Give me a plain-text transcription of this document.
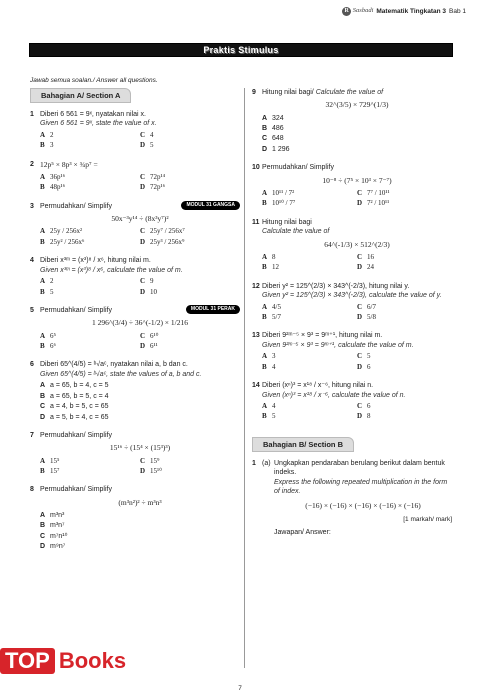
R Sasbadi Matematik Tingkatan 3 Bab 1
Praktis Stimulus
Jawab semua soalan./ Answer all questions.
Bahagian A/ Section A
1 Diberi 6 561 = 9ˣ, nyatakan nilai x.
Given 6 561 = 9ˣ, state the value of x.
A 2	C 4
B 3	D 5
2 12p⁵ × 8p³ × ¾p⁷ =
A 36p¹⁶	C 72p¹⁴
B 48p¹⁶	D 72p¹⁶
3	MODUL 31 GANGSA
Permudahkan/ Simplify
50x⁻³y¹⁴ ÷ (8x³y⁷)²
A 25y / 256x²	C 25y⁷ / 256x⁷
B 25y² / 256x⁶	D 25y³ / 256x⁹
4 Diberi x³ᵐ = (x³)⁸ / x⁶, hitung nilai m.
Given x³ᵐ = (x³)⁸ / x⁶, calculate the value of m.
A 2	C 9
B 5	D 10
5	MODUL 31 PERAK
Permudahkan/ Simplify
1 296^(3/4) ÷ 36^(-1/2) × 1/216
A 6⁵	C 6¹⁰
B 6⁶	D 6¹¹
6 Diberi 65^(4/5) = ᵇ√aᶜ, nyatakan nilai a, b dan c.
Given 65^(4/5) = ᵇ√aᶜ, state the values of a, b and c.
A a = 65, b = 4, c = 5
B a = 65, b = 5, c = 4
C a = 4, b = 5, c = 65
D a = 5, b = 4, c = 65
7 Permudahkan/ Simplify
15¹⁶ ÷ (15⁴ × (15³)³)
A 15⁵	C 15⁹
B 15⁷	D 15¹⁰
8 Permudahkan/ Simplify
(m³n²)² ÷ m³n³
A m³n³
B m³n⁷
C m⁷n¹⁰
D m⁹n⁷
9 Hitung nilai bagi/ Calculate the value of
32^(3/5) × 729^(1/3)
A 324
B 486
C 648
D 1 296
10 Permudahkan/ Simplify
10⁻⁸ ÷ (7⁵ × 10³ × 7⁻⁷)
A 10¹¹ / 7²	C 7⁷ / 10¹¹
B 10¹⁰ / 7⁷	D 7² / 10¹¹
11 Hitung nilai bagi
Calculate the value of
64^(-1/3) × 512^(2/3)
A 8	C 16
B 12	D 24
12 Diberi y² = 125^(2/3) × 343^(-2/3), hitung nilai y.
Given y² = 125^(2/3) × 343^(-2/3), calculate the value of y.
A 4/5	C 6/7
B 5/7	D 5/8
13 Diberi 9²ᵐ⁻⁵ × 9³ = 9ᵐ⁺¹, hitung nilai m.
Given 9²ᵐ⁻⁵ × 9³ = 9ᵐ⁺¹, calculate the value of m.
A 3	C 5
B 4	D 6
14 Diberi (xⁿ)³ = x¹⁸ / x⁻⁶, hitung nilai n.
Given (xⁿ)³ = x¹⁸ / x⁻⁶, calculate the value of n.
A 4	C 6
B 5	D 8
Bahagian B/ Section B
1 (a) Ungkapkan pendaraban berulang berikut dalam bentuk indeks.
Express the following repeated multiplication in the form of index.
(−16) × (−16) × (−16) × (−16) × (−16)
[1 markah/ mark]
Jawapan/ Answer:
TOP Books
7
